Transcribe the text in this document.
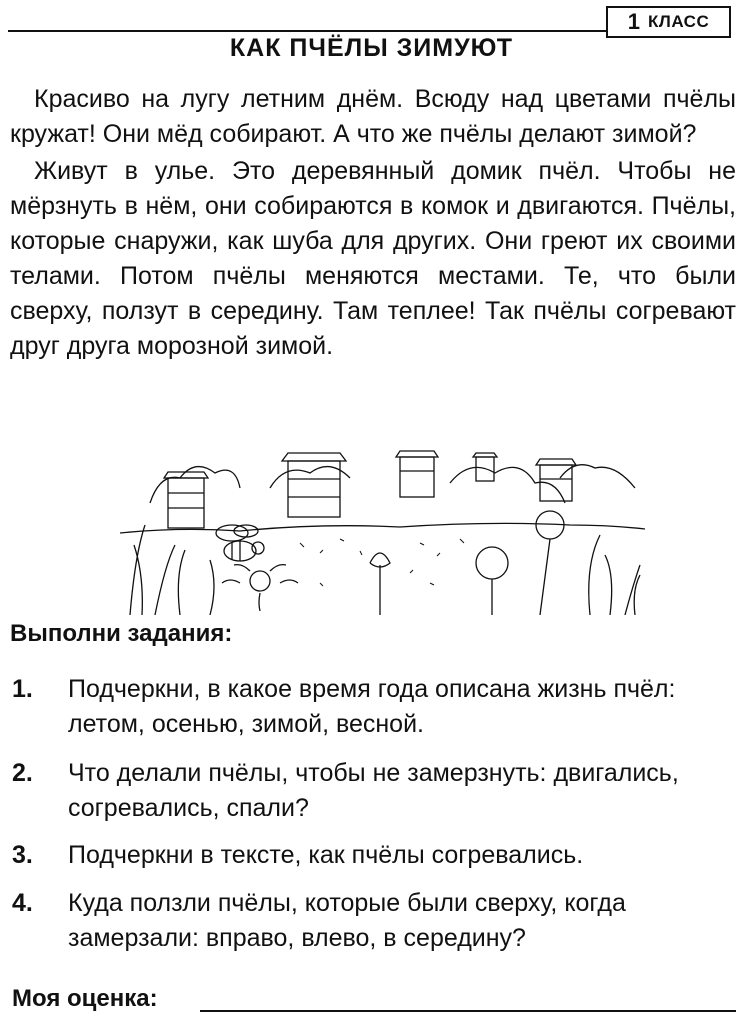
1 КЛАСС
КАК ПЧЁЛЫ ЗИМУЮТ

Красиво на лугу летним днём. Всюду над цветами пчёлы кружат! Они мёд собирают. А что же пчёлы делают зимой?

Живут в улье. Это деревянный домик пчёл. Чтобы не мёрзнуть в нём, они собираются в комок и двигаются. Пчёлы, которые снаружи, как шуба для других. Они греют их своими телами. Потом пчёлы меняются местами. Те, что были сверху, ползут в середину. Там теплее! Так пчёлы согревают друг друга морозной зимой.

Выполни задания:
1. Подчеркни, в какое время года описана жизнь пчёл: летом, осенью, зимой, весной.
2. Что делали пчёлы, чтобы не замерзнуть: двигались, согревались, спали?
3. Подчеркни в тексте, как пчёлы согревались.
4. Куда ползли пчёлы, которые были сверху, когда замерзали: вправо, влево, в середину?
Моя оценка:
